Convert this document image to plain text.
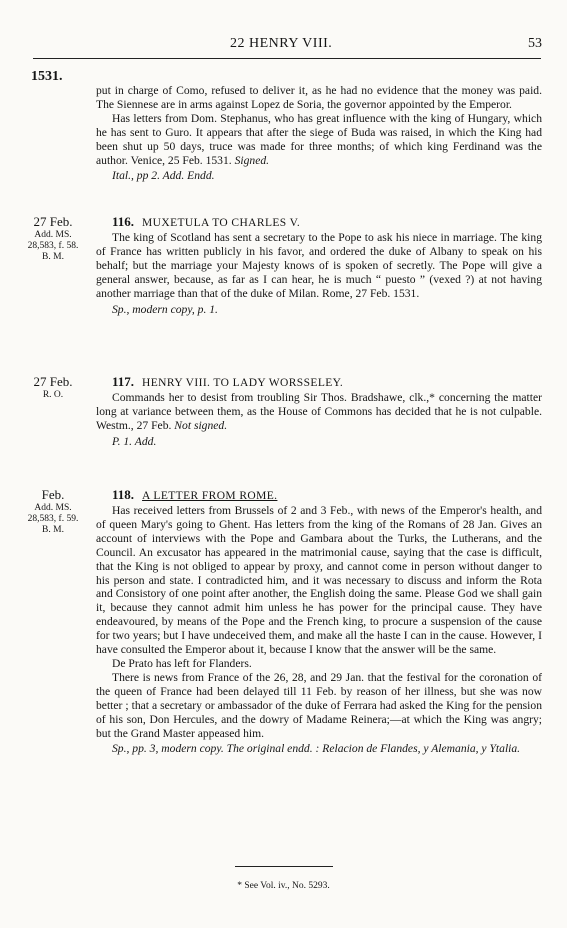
22 HENRY VIII.	53
1531.

put in charge of Como, refused to deliver it, as he had no evidence that the money was paid. The Siennese are in arms against Lopez de Soria, the governor appointed by the Emperor.

Has letters from Dom. Stephanus, who has great influence with the king of Hungary, which he has sent to Guro. It appears that after the siege of Buda was raised, in which the King had been shut up 50 days, truce was made for three months; of which king Ferdinand was the author. Venice, 25 Feb. 1531. Signed.

Ital., pp 2. Add. Endd.

27 Feb.
Add. MS.
28,583, f. 58.
B. M.

116. MUXETULA TO CHARLES V.

The king of Scotland has sent a secretary to the Pope to ask his niece in marriage. The king of France has written publicly in his favor, and ordered the duke of Albany to speak on his behalf; but the marriage your Majesty knows of is spoken of secretly. The Pope will give a general answer, because, as far as I can hear, he is much “ puesto ” (vexed ?) at not having another marriage than that of the duke of Milan. Rome, 27 Feb. 1531.

Sp., modern copy, p. 1.

27 Feb.
R. O.

117. HENRY VIII. TO LADY WORSSELEY.

Commands her to desist from troubling Sir Thos. Bradshawe, clk.,* concerning the matter long at variance between them, as the House of Commons has decided that he is not culpable. Westm., 27 Feb. Not signed.

P. 1. Add.

Feb.
Add. MS.
28,583, f. 59.
B. M.

118. A LETTER FROM ROME.

Has received letters from Brussels of 2 and 3 Feb., with news of the Emperor's health, and of queen Mary's going to Ghent. Has letters from the king of the Romans of 28 Jan. Gives an account of interviews with the Pope and Gambara about the Turks, the Lutherans, and the Council. An excusator has appeared in the matrimonial cause, saying that the case is difficult, that the King is not obliged to appear by proxy, and cannot come in person without danger to his person and state. I contradicted him, and it was necessary to discuss and inform the Rota and Consistory of one point after another, the English doing the same. Please God we shall gain it, because they cannot admit him unless he has power for the principal cause. They have endeavoured, by means of the Pope and the French king, to procure a suspension of the cause for two years; but I have undeceived them, and make all the haste I can in the cause. However, I have consulted the Emperor about it, because I know that the answer will be the same.

De Prato has left for Flanders.

There is news from France of the 26, 28, and 29 Jan. that the festival for the coronation of the queen of France had been delayed till 11 Feb. by reason of her illness, but she was now better ; that a secretary or ambassador of the duke of Ferrara had asked the King for the pension of his son, Don Hercules, and the dowry of Madame Reinera;—at which the King was angry; but the Grand Master appeased him.

Sp., pp. 3, modern copy. The original endd. : Relacion de Flandes, y Alemania, y Ytalia.

* See Vol. iv., No. 5293.
